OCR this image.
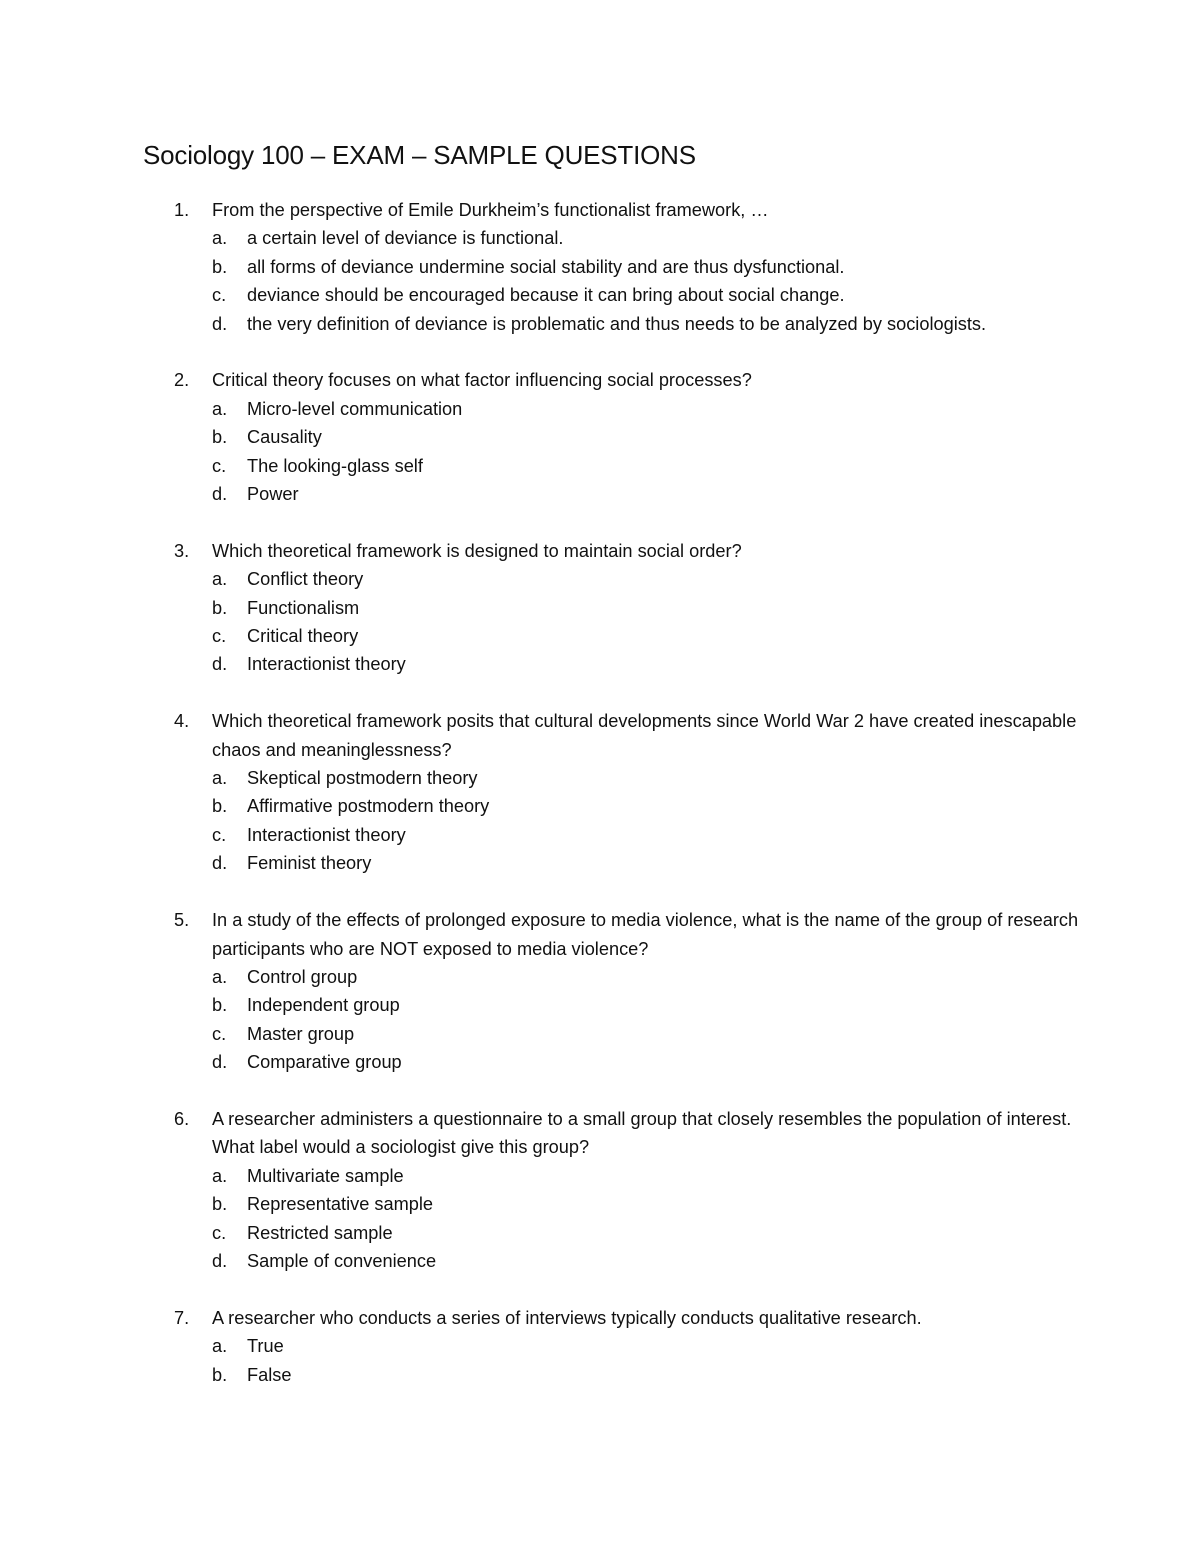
Sociology 100 – EXAM – SAMPLE QUESTIONS
1. From the perspective of Emile Durkheim’s functionalist framework, …
a. a certain level of deviance is functional.
b. all forms of deviance undermine social stability and are thus dysfunctional.
c. deviance should be encouraged because it can bring about social change.
d. the very definition of deviance is problematic and thus needs to be analyzed by sociologists.
2. Critical theory focuses on what factor influencing social processes?
a. Micro-level communication
b. Causality
c. The looking-glass self
d. Power
3. Which theoretical framework is designed to maintain social order?
a. Conflict theory
b. Functionalism
c. Critical theory
d. Interactionist theory
4. Which theoretical framework posits that cultural developments since World War 2 have created inescapable chaos and meaninglessness?
a. Skeptical postmodern theory
b. Affirmative postmodern theory
c. Interactionist theory
d. Feminist theory
5. In a study of the effects of prolonged exposure to media violence, what is the name of the group of research participants who are NOT exposed to media violence?
a. Control group
b. Independent group
c. Master group
d. Comparative group
6. A researcher administers a questionnaire to a small group that closely resembles the population of interest. What label would a sociologist give this group?
a. Multivariate sample
b. Representative sample
c. Restricted sample
d. Sample of convenience
7. A researcher who conducts a series of interviews typically conducts qualitative research.
a. True
b. False
